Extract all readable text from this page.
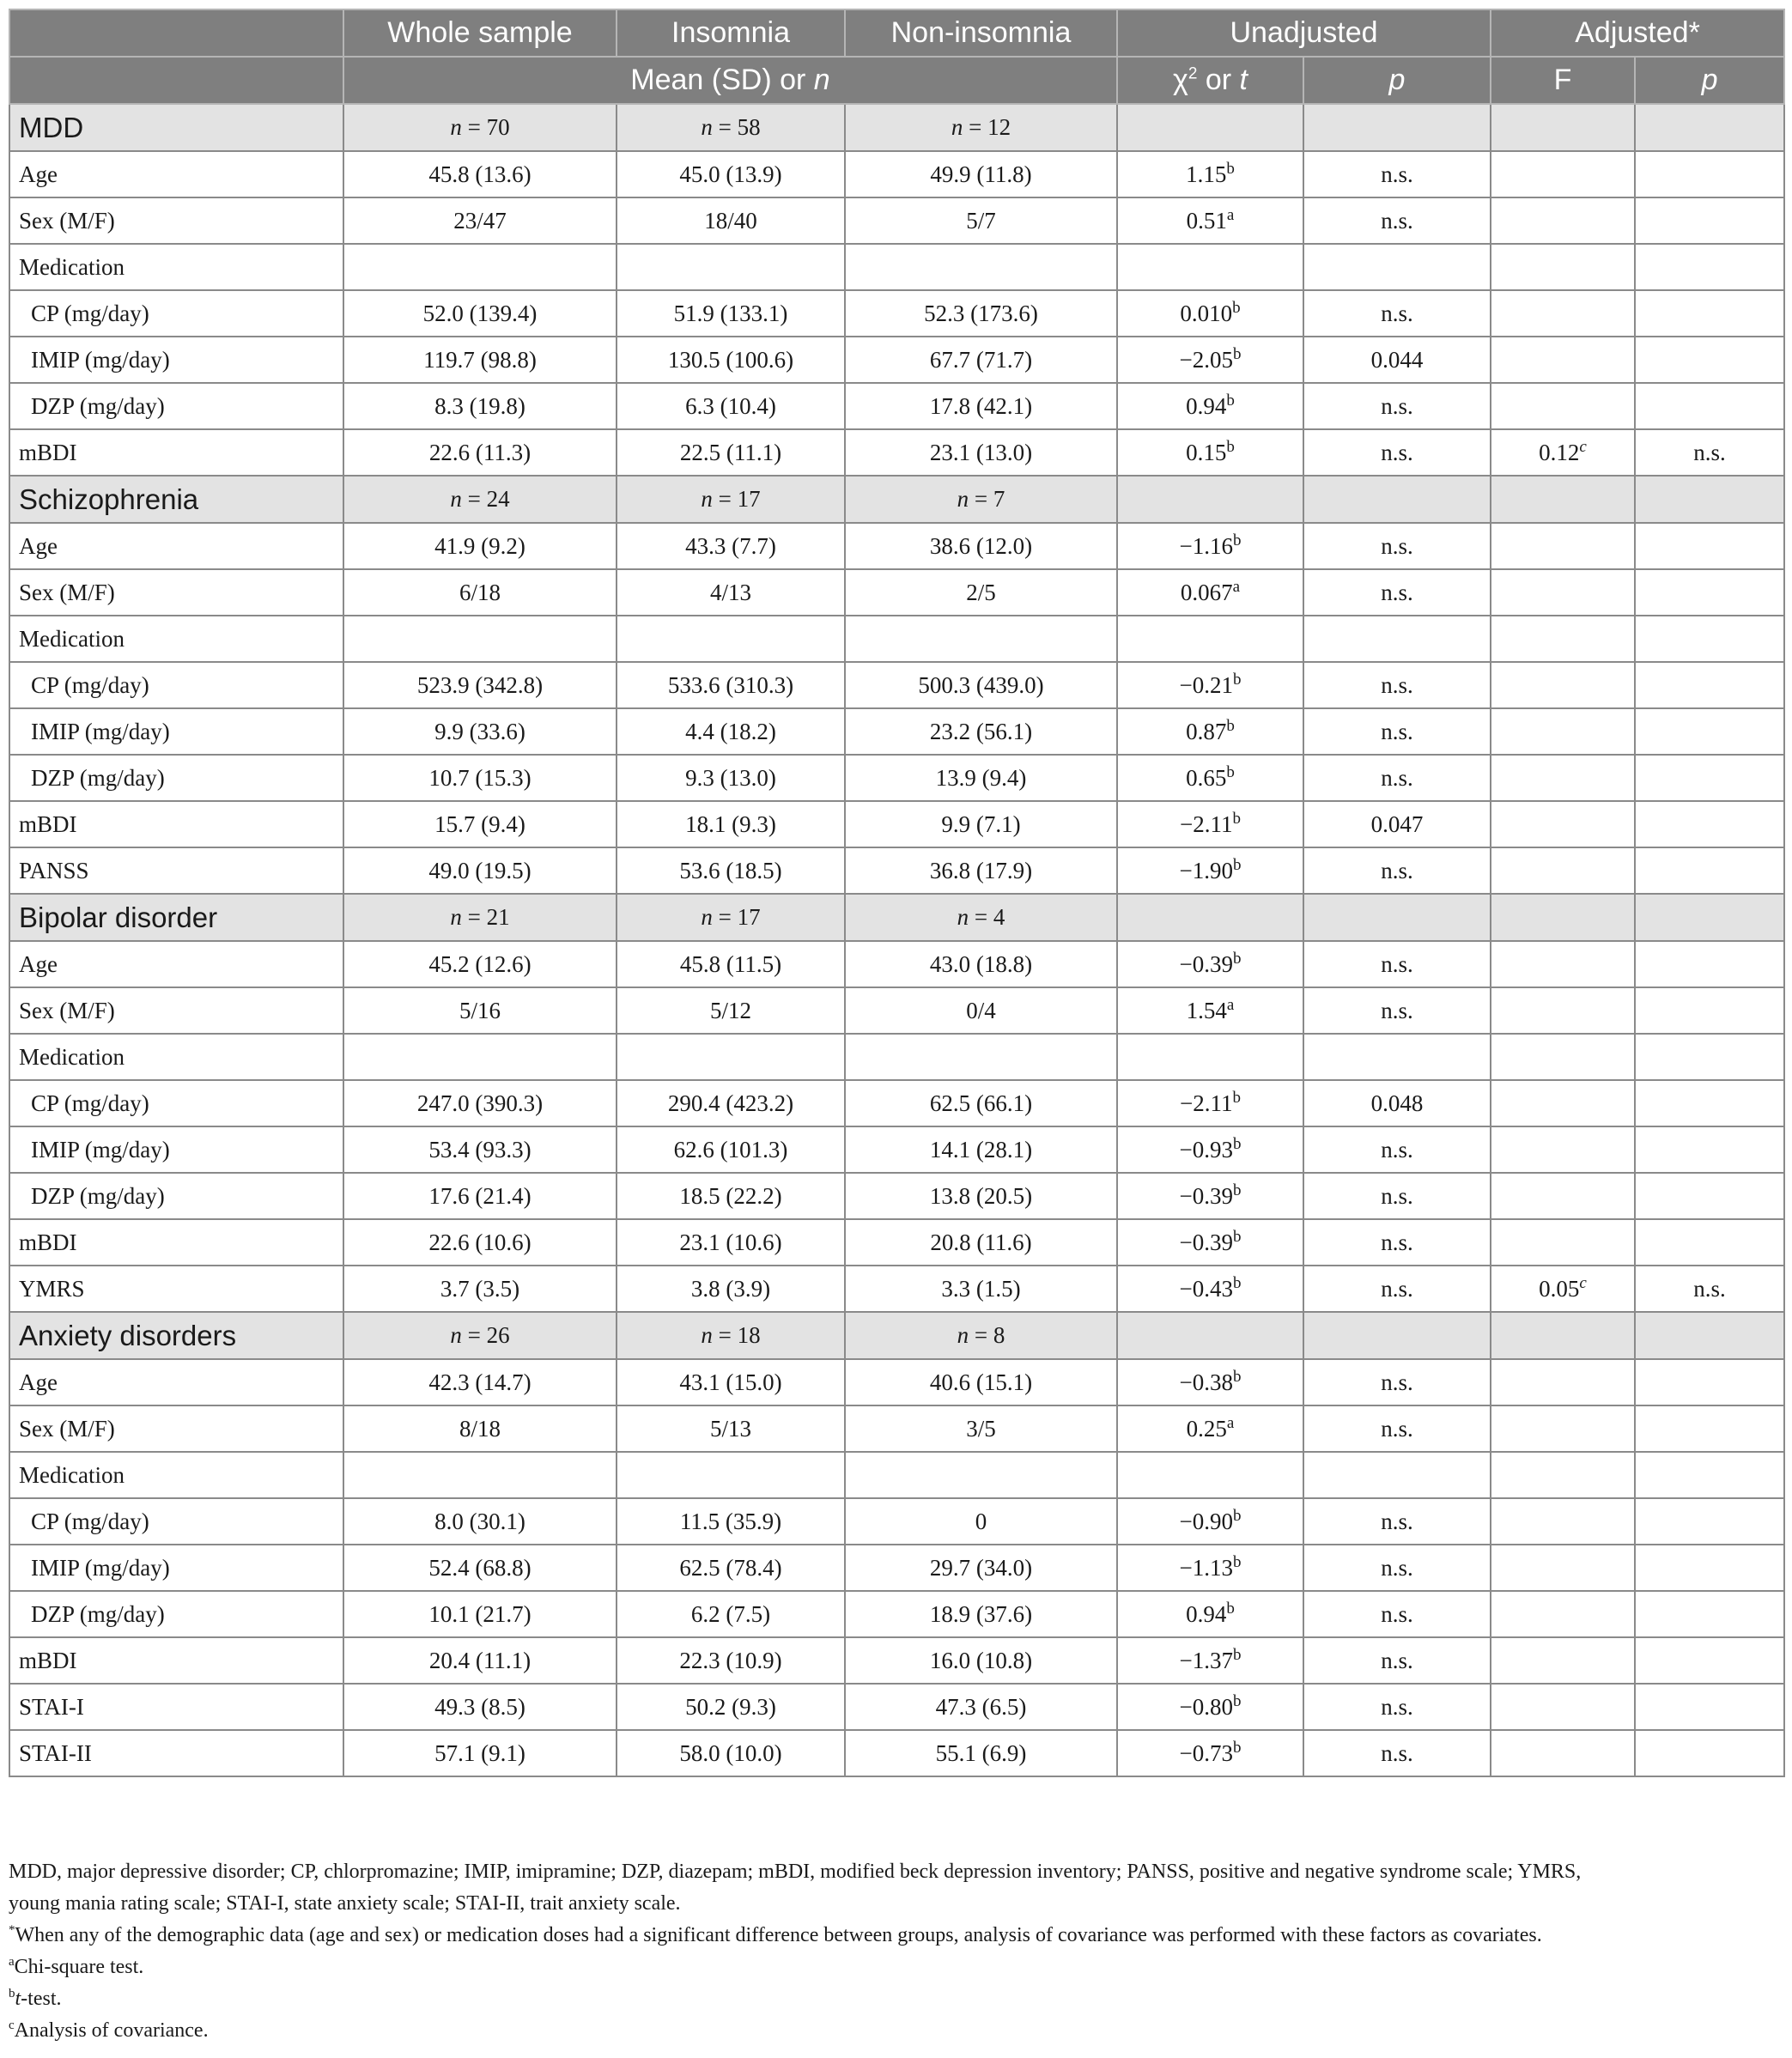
	Whole sample	Insomnia	Non-insomnia	Unadjusted		Adjusted*	
	Mean (SD) or n			$\chi^2$ or t	p	F	p
MDD	n = 70	n = 58	n = 12				
Age	45.8 (13.6)	45.0 (13.9)	49.9 (11.8)	1.15$^b$	n.s.		
Sex (M/F)	23/47	18/40	5/7	0.51$^a$	n.s.		
Medication							
CP (mg/day)	52.0 (139.4)	51.9 (133.1)	52.3 (173.6)	0.010$^b$	n.s.		
IMIP (mg/day)	119.7 (98.8)	130.5 (100.6)	67.7 (71.7)	−2.05$^b$	0.044		
DZP (mg/day)	8.3 (19.8)	6.3 (10.4)	17.8 (42.1)	0.94$^b$	n.s.		
mBDI	22.6 (11.3)	22.5 (11.1)	23.1 (13.0)	0.15$^b$	n.s.	0.12$^c$	n.s.
Schizophrenia	n = 24	n = 17	n = 7				
Age	41.9 (9.2)	43.3 (7.7)	38.6 (12.0)	−1.16$^b$	n.s.		
Sex (M/F)	6/18	4/13	2/5	0.067$^a$	n.s.		
Medication							
CP (mg/day)	523.9 (342.8)	533.6 (310.3)	500.3 (439.0)	−0.21$^b$	n.s.		
IMIP (mg/day)	9.9 (33.6)	4.4 (18.2)	23.2 (56.1)	0.87$^b$	n.s.		
DZP (mg/day)	10.7 (15.3)	9.3 (13.0)	13.9 (9.4)	0.65$^b$	n.s.		
mBDI	15.7 (9.4)	18.1 (9.3)	9.9 (7.1)	−2.11$^b$	0.047		
PANSS	49.0 (19.5)	53.6 (18.5)	36.8 (17.9)	−1.90$^b$	n.s.		
Bipolar disorder	n = 21	n = 17	n = 4				
Age	45.2 (12.6)	45.8 (11.5)	43.0 (18.8)	−0.39$^b$	n.s.		
Sex (M/F)	5/16	5/12	0/4	1.54$^a$	n.s.		
Medication							
CP (mg/day)	247.0 (390.3)	290.4 (423.2)	62.5 (66.1)	−2.11$^b$	0.048		
IMIP (mg/day)	53.4 (93.3)	62.6 (101.3)	14.1 (28.1)	−0.93$^b$	n.s.		
DZP (mg/day)	17.6 (21.4)	18.5 (22.2)	13.8 (20.5)	−0.39$^b$	n.s.		
mBDI	22.6 (10.6)	23.1 (10.6)	20.8 (11.6)	−0.39$^b$	n.s.		
YMRS	3.7 (3.5)	3.8 (3.9)	3.3 (1.5)	−0.43$^b$	n.s.	0.05$^c$	n.s.
Anxiety disorders	n = 26	n = 18	n = 8				
Age	42.3 (14.7)	43.1 (15.0)	40.6 (15.1)	−0.38$^b$	n.s.		
Sex (M/F)	8/18	5/13	3/5	0.25$^a$	n.s.		
Medication							
CP (mg/day)	8.0 (30.1)	11.5 (35.9)	0	−0.90$^b$	n.s.		
IMIP (mg/day)	52.4 (68.8)	62.5 (78.4)	29.7 (34.0)	−1.13$^b$	n.s.		
DZP (mg/day)	10.1 (21.7)	6.2 (7.5)	18.9 (37.6)	0.94$^b$	n.s.		
mBDI	20.4 (11.1)	22.3 (10.9)	16.0 (10.8)	−1.37$^b$	n.s.		
STAI-I	49.3 (8.5)	50.2 (9.3)	47.3 (6.5)	−0.80$^b$	n.s.		
STAI-II	57.1 (9.1)	58.0 (10.0)	55.1 (6.9)	−0.73$^b$	n.s.		

MDD, major depressive disorder; CP, chlorpromazine; IMIP, imipramine; DZP, diazepam; mBDI, modified beck depression inventory; PANSS, positive and negative syndrome scale; YMRS,

young mania rating scale; STAI-I, state anxiety scale; STAI-II, trait anxiety scale.

*When any of the demographic data (age and sex) or medication doses had a significant difference between groups, analysis of covariance was performed with these factors as covariates.

$^a$Chi-square test.

$^b$t-test.

$^c$Analysis of covariance.
